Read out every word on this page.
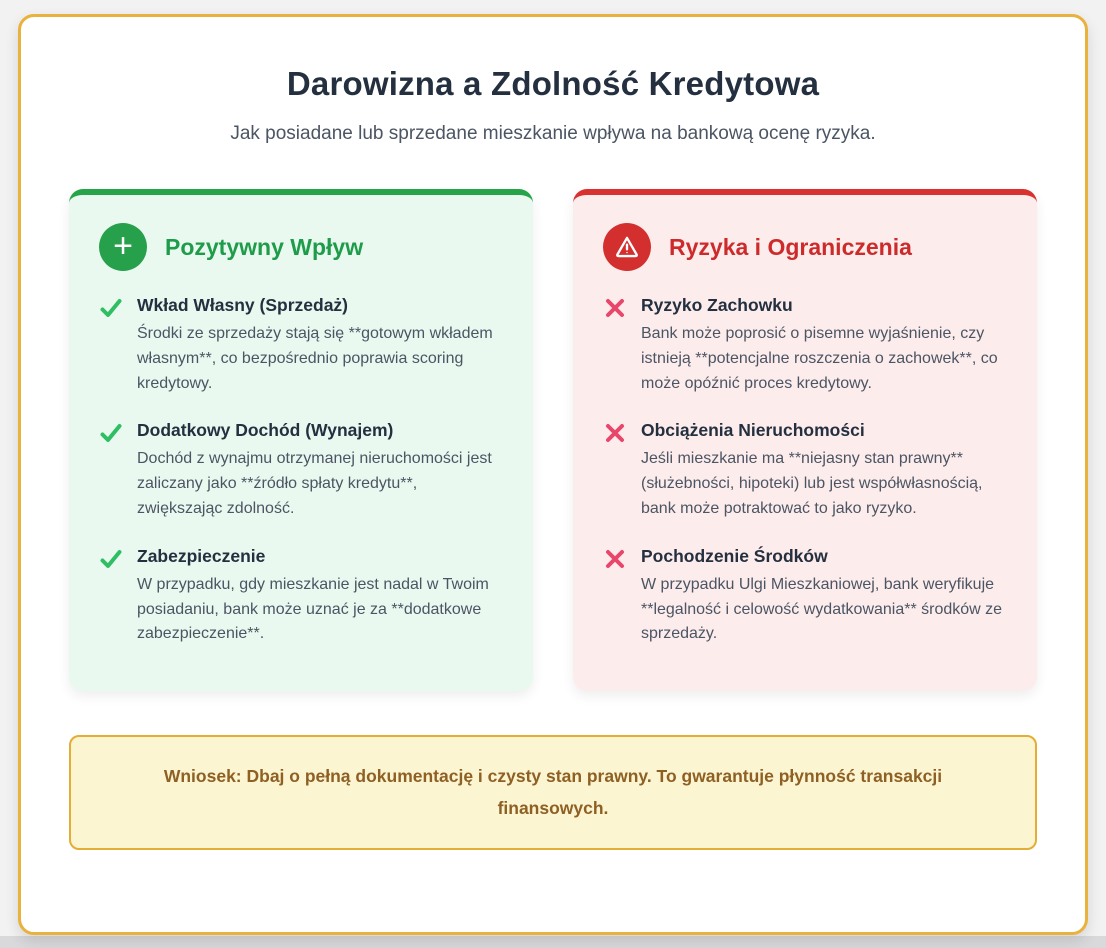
Darowizna a Zdolność Kredytowa

Jak posiadane lub sprzedane mieszkanie wpływa na bankową ocenę ryzyka.

+ Pozytywny Wpływ
Wkład Własny (Sprzedaż)
Środki ze sprzedaży stają się **gotowym wkładem własnym**, co bezpośrednio poprawia scoring kredytowy.
Dodatkowy Dochód (Wynajem)
Dochód z wynajmu otrzymanej nieruchomości jest zaliczany jako **źródło spłaty kredytu**, zwiększając zdolność.
Zabezpieczenie
W przypadku, gdy mieszkanie jest nadal w Twoim posiadaniu, bank może uznać je za **dodatkowe zabezpieczenie**.
Ryzyka i Ograniczenia
Ryzyko Zachowku
Bank może poprosić o pisemne wyjaśnienie, czy istnieją **potencjalne roszczenia o zachowek**, co może opóźnić proces kredytowy.
Obciążenia Nieruchomości
Jeśli mieszkanie ma **niejasny stan prawny** (służebności, hipoteki) lub jest współwłasnością, bank może potraktować to jako ryzyko.
Pochodzenie Środków
W przypadku Ulgi Mieszkaniowej, bank weryfikuje **legalność i celowość wydatkowania** środków ze sprzedaży.

Wniosek: Dbaj o pełną dokumentację i czysty stan prawny. To gwarantuje płynność transakcji finansowych.
